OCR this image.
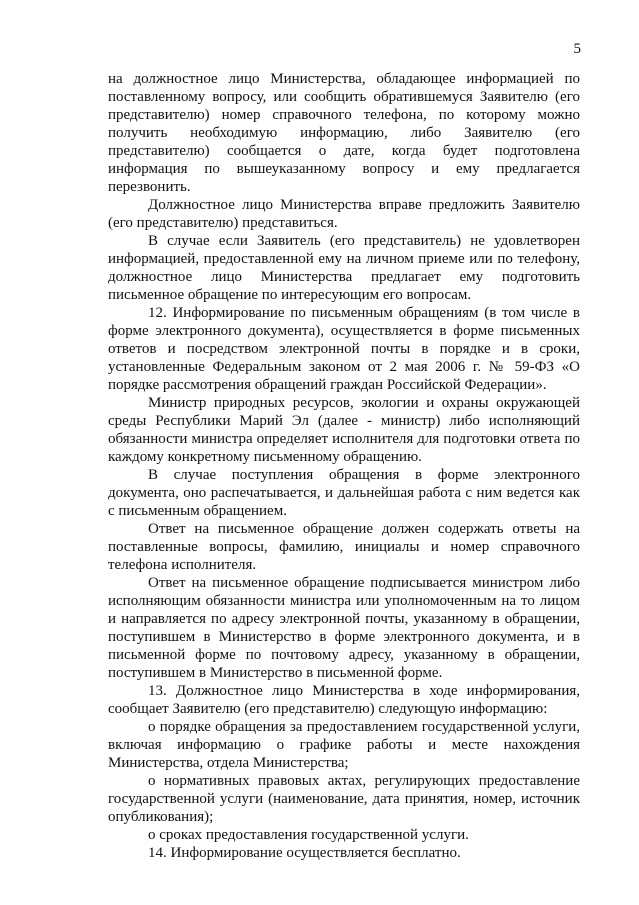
5

на должностное лицо Министерства, обладающее информацией по поставленному вопросу, или сообщить обратившемуся Заявителю (его представителю) номер справочного телефона, по которому можно получить необходимую информацию, либо Заявителю (его представителю) сообщается о дате, когда будет подготовлена информация по вышеуказанному вопросу и ему предлагается перезвонить.

Должностное лицо Министерства вправе предложить Заявителю (его представителю) представиться.

В случае если Заявитель (его представитель) не удовлетворен информацией, предоставленной ему на личном приеме или по телефону, должностное лицо Министерства предлагает ему подготовить письменное обращение по интересующим его вопросам.

12. Информирование по письменным обращениям (в том числе в форме электронного документа), осуществляется в форме письменных ответов и посредством электронной почты в порядке и в сроки, установленные Федеральным законом от 2 мая 2006 г. № 59-ФЗ «О порядке рассмотрения обращений граждан Российской Федерации».

Министр природных ресурсов, экологии и охраны окружающей среды Республики Марий Эл (далее - министр) либо исполняющий обязанности министра определяет исполнителя для подготовки ответа по каждому конкретному письменному обращению.

В случае поступления обращения в форме электронного документа, оно распечатывается, и дальнейшая работа с ним ведется как с письменным обращением.

Ответ на письменное обращение должен содержать ответы на поставленные вопросы, фамилию, инициалы и номер справочного телефона исполнителя.

Ответ на письменное обращение подписывается министром либо исполняющим обязанности министра или уполномоченным на то лицом и направляется по адресу электронной почты, указанному в обращении, поступившем в Министерство в форме электронного документа, и в письменной форме по почтовому адресу, указанному в обращении, поступившем в Министерство в письменной форме.

13. Должностное лицо Министерства в ходе информирования, сообщает Заявителю (его представителю) следующую информацию:

о порядке обращения за предоставлением государственной услуги, включая информацию о графике работы и месте нахождения Министерства, отдела Министерства;

о нормативных правовых актах, регулирующих предоставление государственной услуги (наименование, дата принятия, номер, источник опубликования);

о сроках предоставления государственной услуги.

14. Информирование осуществляется бесплатно.
